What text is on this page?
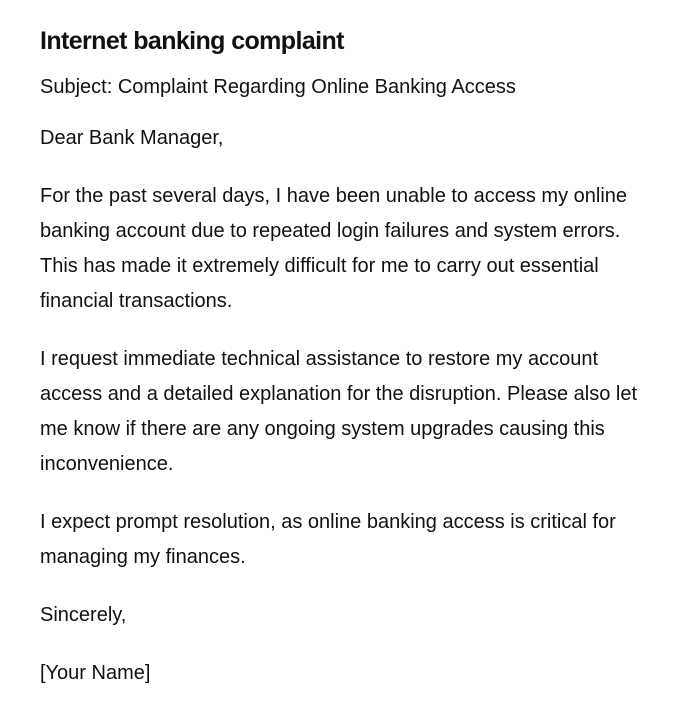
Internet banking complaint

Subject: Complaint Regarding Online Banking Access

Dear Bank Manager,

For the past several days, I have been unable to access my online banking account due to repeated login failures and system errors. This has made it extremely difficult for me to carry out essential financial transactions.

I request immediate technical assistance to restore my account access and a detailed explanation for the disruption. Please also let me know if there are any ongoing system upgrades causing this inconvenience.

I expect prompt resolution, as online banking access is critical for managing my finances.

Sincerely,

[Your Name]
